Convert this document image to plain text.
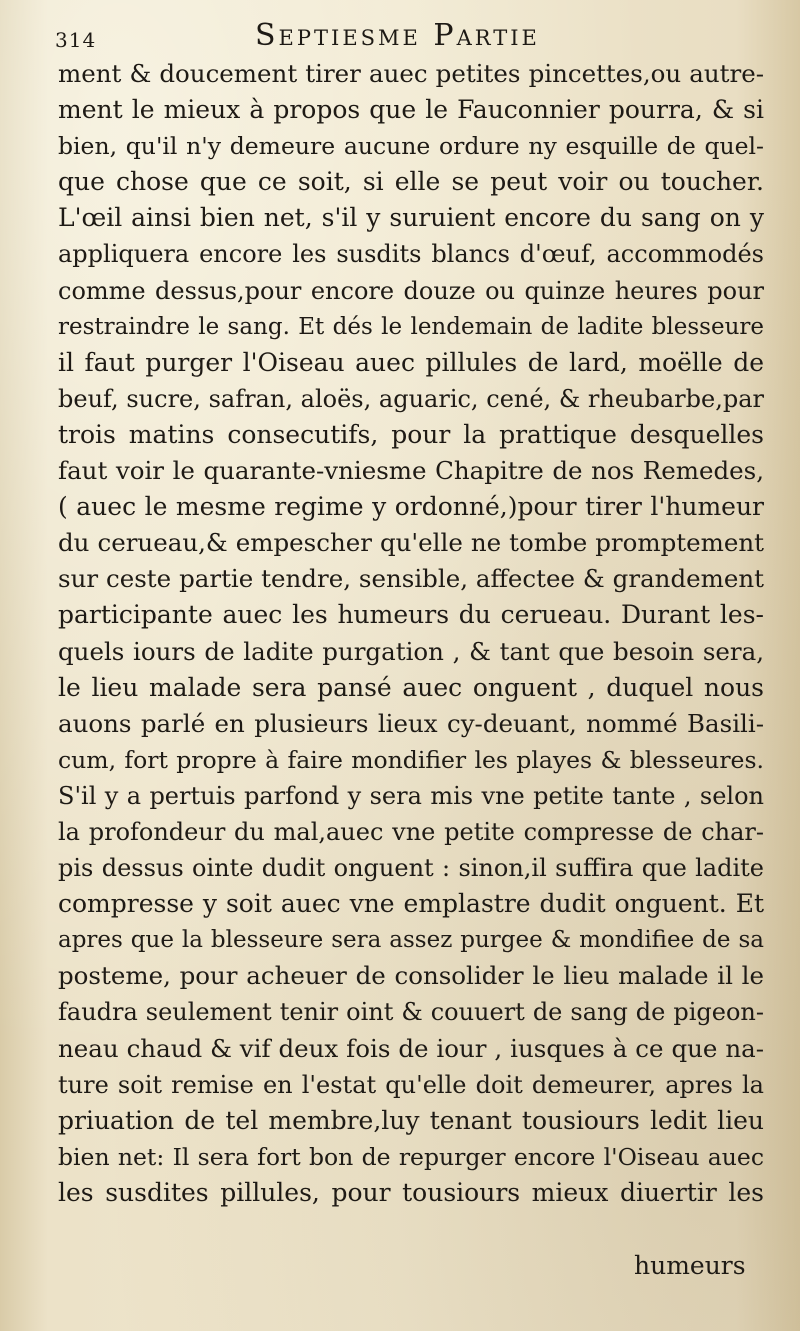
314	Septiesme Partie
ment & doucement tirer auec petites pincettes,ou autre-
ment le mieux à propos que le Fauconnier pourra, & si
bien, qu'il n'y demeure aucune ordure ny esquille de quel-
que chose que ce soit, si elle se peut voir ou toucher.
L'œil ainsi bien net, s'il y suruient encore du sang on y
appliquera encore les susdits blancs d'œuf, accommodés
comme dessus,pour encore douze ou quinze heures pour
restraindre le sang. Et dés le lendemain de ladite blesseure
il faut purger l'Oiseau auec pillules de lard, moëlle de
beuf, sucre, safran, aloës, aguaric, cené, & rheubarbe,par
trois matins consecutifs, pour la prattique desquelles
faut voir le quarante-vniesme Chapitre de nos Remedes,
( auec le mesme regime y ordonné,)pour tirer l'humeur
du cerueau,& empescher qu'elle ne tombe promptement
sur ceste partie tendre, sensible, affectee & grandement
participante auec les humeurs du cerueau. Durant les-
quels iours de ladite purgation , & tant que besoin sera,
le lieu malade sera pansé auec onguent , duquel nous
auons parlé en plusieurs lieux cy-deuant, nommé Basili-
cum, fort propre à faire mondifier les playes & blesseures.
S'il y a pertuis parfond y sera mis vne petite tante , selon
la profondeur du mal,auec vne petite compresse de char-
pis dessus ointe dudit onguent : sinon,il suffira que ladite
compresse y soit auec vne emplastre dudit onguent. Et
apres que la blesseure sera assez purgee & mondifiee de sa
posteme, pour acheuer de consolider le lieu malade il le
faudra seulement tenir oint & couuert de sang de pigeon-
neau chaud & vif deux fois de iour , iusques à ce que na-
ture soit remise en l'estat qu'elle doit demeurer, apres la
priuation de tel membre,luy tenant tousiours ledit lieu
bien net: Il sera fort bon de repurger encore l'Oiseau auec
les susdites pillules, pour tousiours mieux diuertir les
humeurs
